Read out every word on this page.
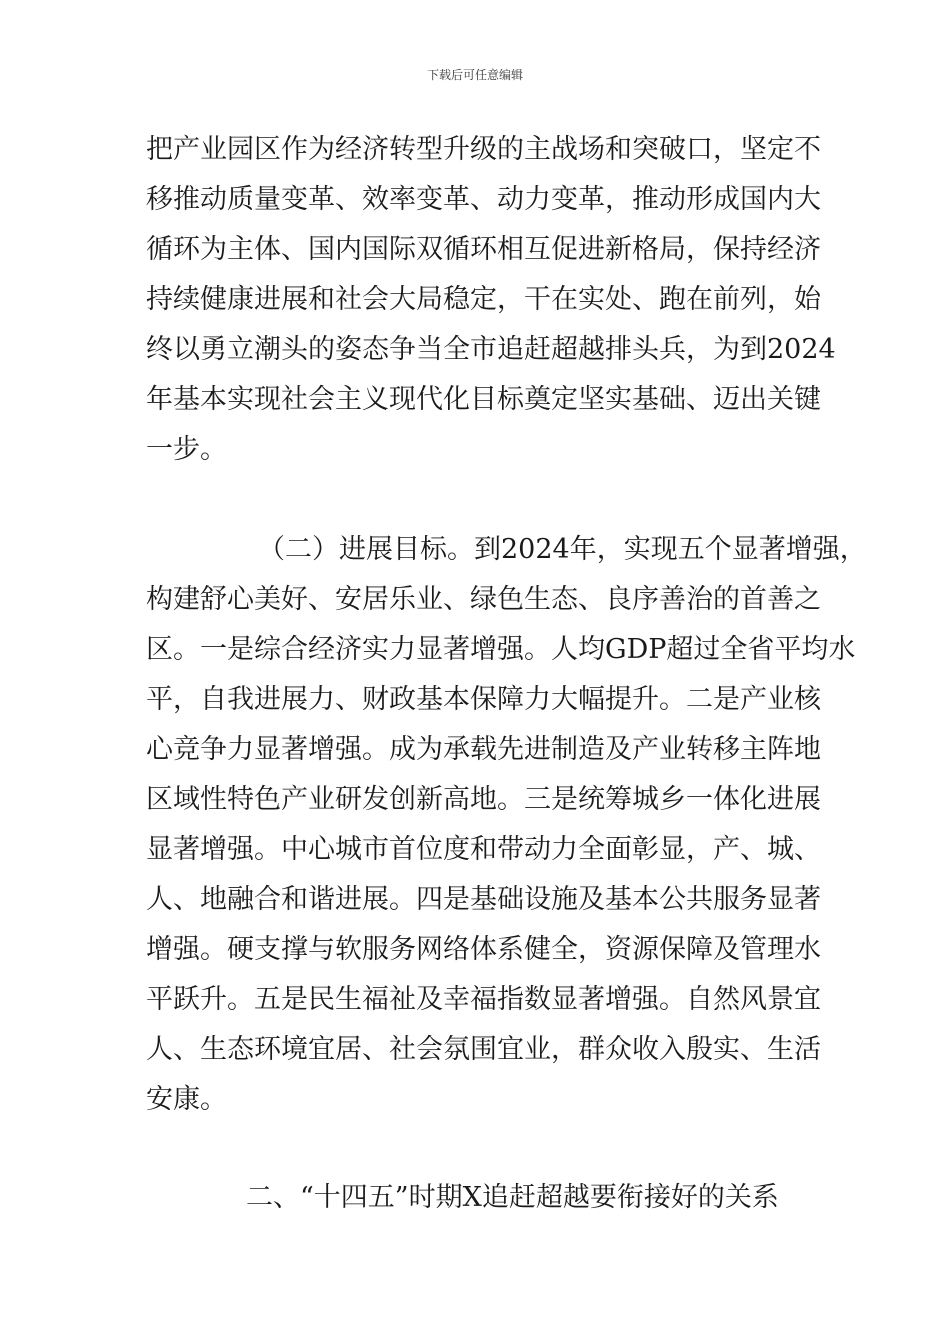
下载后可任意编辑
把产业园区作为经济转型升级的主战场和突破口，坚定不
移推动质量变革、效率变革、动力变革，推动形成国内大
循环为主体、国内国际双循环相互促进新格局，保持经济
持续健康进展和社会大局稳定，干在实处、跑在前列，始
终以勇立潮头的姿态争当全市追赶超越排头兵，为到2024
年基本实现社会主义现代化目标奠定坚实基础、迈出关键
一步。
（二）进展目标。到2024年，实现五个显著增强，
构建舒心美好、安居乐业、绿色生态、良序善治的首善之
区。一是综合经济实力显著增强。人均GDP超过全省平均水
平，自我进展力、财政基本保障力大幅提升。二是产业核
心竞争力显著增强。成为承载先进制造及产业转移主阵地
区域性特色产业研发创新高地。三是统筹城乡一体化进展
显著增强。中心城市首位度和带动力全面彰显，产、城、
人、地融合和谐进展。四是基础设施及基本公共服务显著
增强。硬支撑与软服务网络体系健全，资源保障及管理水
平跃升。五是民生福祉及幸福指数显著增强。自然风景宜
人、生态环境宜居、社会氛围宜业，群众收入殷实、生活
安康。
二、“十四五”时期X追赶超越要衔接好的关系
